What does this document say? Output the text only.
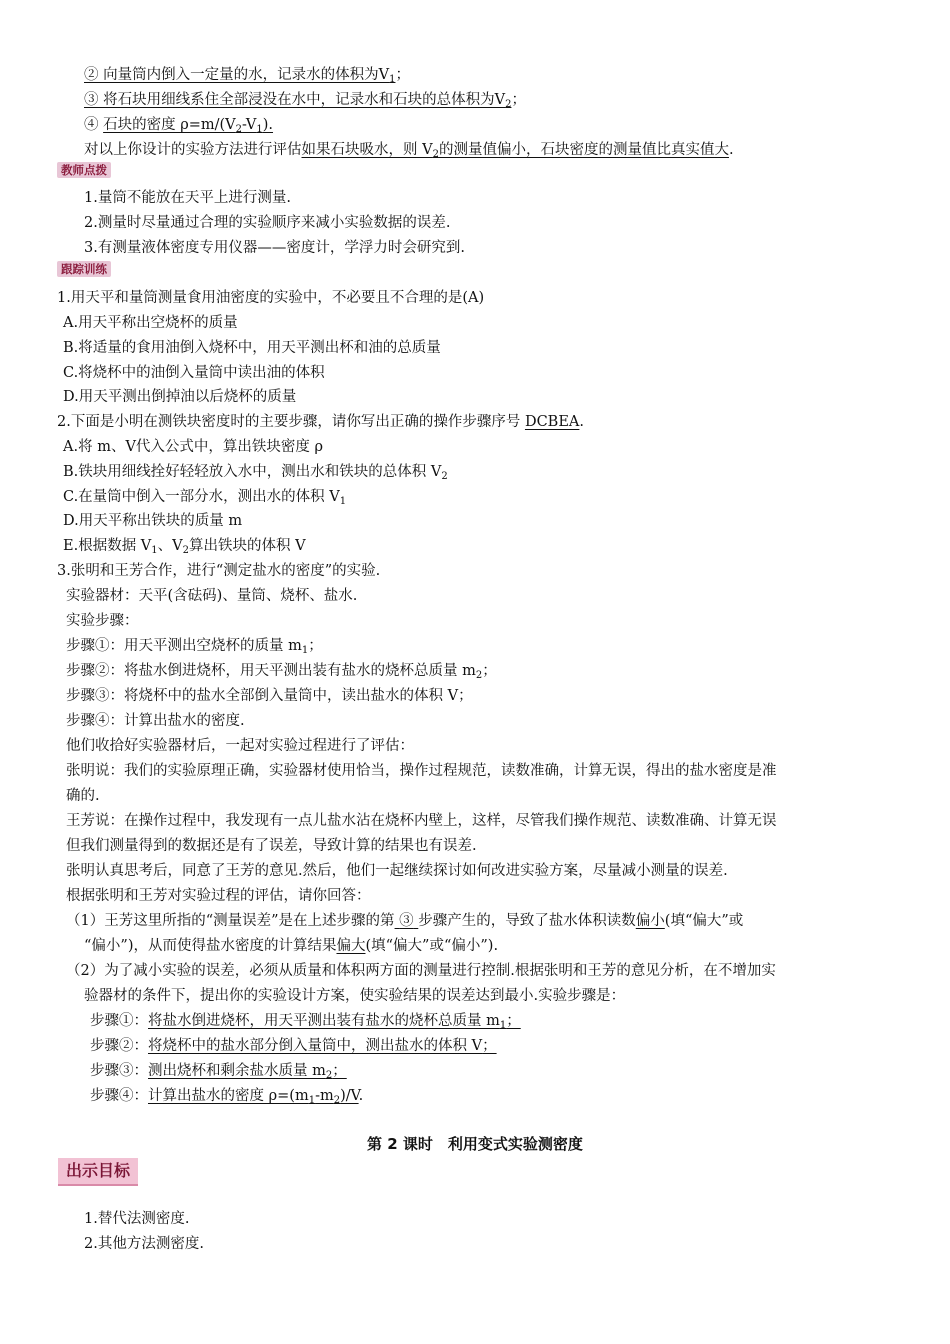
② 向量筒内倒入一定量的水，记录水的体积为$V_1$；
③ 将石块用细线系住全部浸没在水中，记录水和石块的总体积为$V_2$；
④ 石块的密度 $\rho=m/(V_2-V_1)$.
对以上你设计的实验方法进行评估如果石块吸水，则 $V_2$的测量值偏小，石块密度的测量值比真实值大.
教师点拨
1.量筒不能放在天平上进行测量.
2.测量时尽量通过合理的实验顺序来减小实验数据的误差.
3.有测量液体密度专用仪器——密度计，学浮力时会研究到.
跟踪训练
1.用天平和量筒测量食用油密度的实验中，不必要且不合理的是(A)
A.用天平称出空烧杯的质量
B.将适量的食用油倒入烧杯中，用天平测出杯和油的总质量
C.将烧杯中的油倒入量筒中读出油的体积
D.用天平测出倒掉油以后烧杯的质量
2.下面是小明在测铁块密度时的主要步骤，请你写出正确的操作步骤序号 DCBEA.
A.将 m、V代入公式中，算出铁块密度 ρ
B.铁块用细线拴好轻轻放入水中，测出水和铁块的总体积 $V_2$
C.在量筒中倒入一部分水，测出水的体积 $V_1$
D.用天平称出铁块的质量 m
E.根据数据 $V_1$、$V_2$算出铁块的体积 V
3.张明和王芳合作，进行“测定盐水的密度”的实验.
实验器材：天平(含砝码)、量筒、烧杯、盐水.
实验步骤：
步骤①：用天平测出空烧杯的质量 $m_1$；
步骤②：将盐水倒进烧杯，用天平测出装有盐水的烧杯总质量 $m_2$；
步骤③：将烧杯中的盐水全部倒入量筒中，读出盐水的体积 V；
步骤④：计算出盐水的密度.
他们收拾好实验器材后，一起对实验过程进行了评估：
张明说：我们的实验原理正确，实验器材使用恰当，操作过程规范，读数准确，计算无误，得出的盐水密度是准
确的.
王芳说：在操作过程中，我发现有一点儿盐水沾在烧杯内壁上，这样，尽管我们操作规范、读数准确、计算无误
但我们测量得到的数据还是有了误差，导致计算的结果也有误差.
张明认真思考后，同意了王芳的意见.然后，他们一起继续探讨如何改进实验方案，尽量减小测量的误差.
根据张明和王芳对实验过程的评估，请你回答：
（1）王芳这里所指的“测量误差”是在上述步骤的第 ③ 步骤产生的，导致了盐水体积读数偏小(填“偏大”或
“偏小”)，从而使得盐水密度的计算结果偏大(填“偏大”或“偏小”).
（2）为了减小实验的误差，必须从质量和体积两方面的测量进行控制.根据张明和王芳的意见分析，在不增加实
验器材的条件下，提出你的实验设计方案，使实验结果的误差达到最小.实验步骤是：
步骤①：将盐水倒进烧杯，用天平测出装有盐水的烧杯总质量 $m_1$；
步骤②：将烧杯中的盐水部分倒入量筒中，测出盐水的体积 V；
步骤③：测出烧杯和剩余盐水质量 $m_2$；
步骤④：计算出盐水的密度 $\rho=(m_1-m_2)/V$.
第 2 课时　利用变式实验测密度
出示目标
1.替代法测密度.
2.其他方法测密度.
